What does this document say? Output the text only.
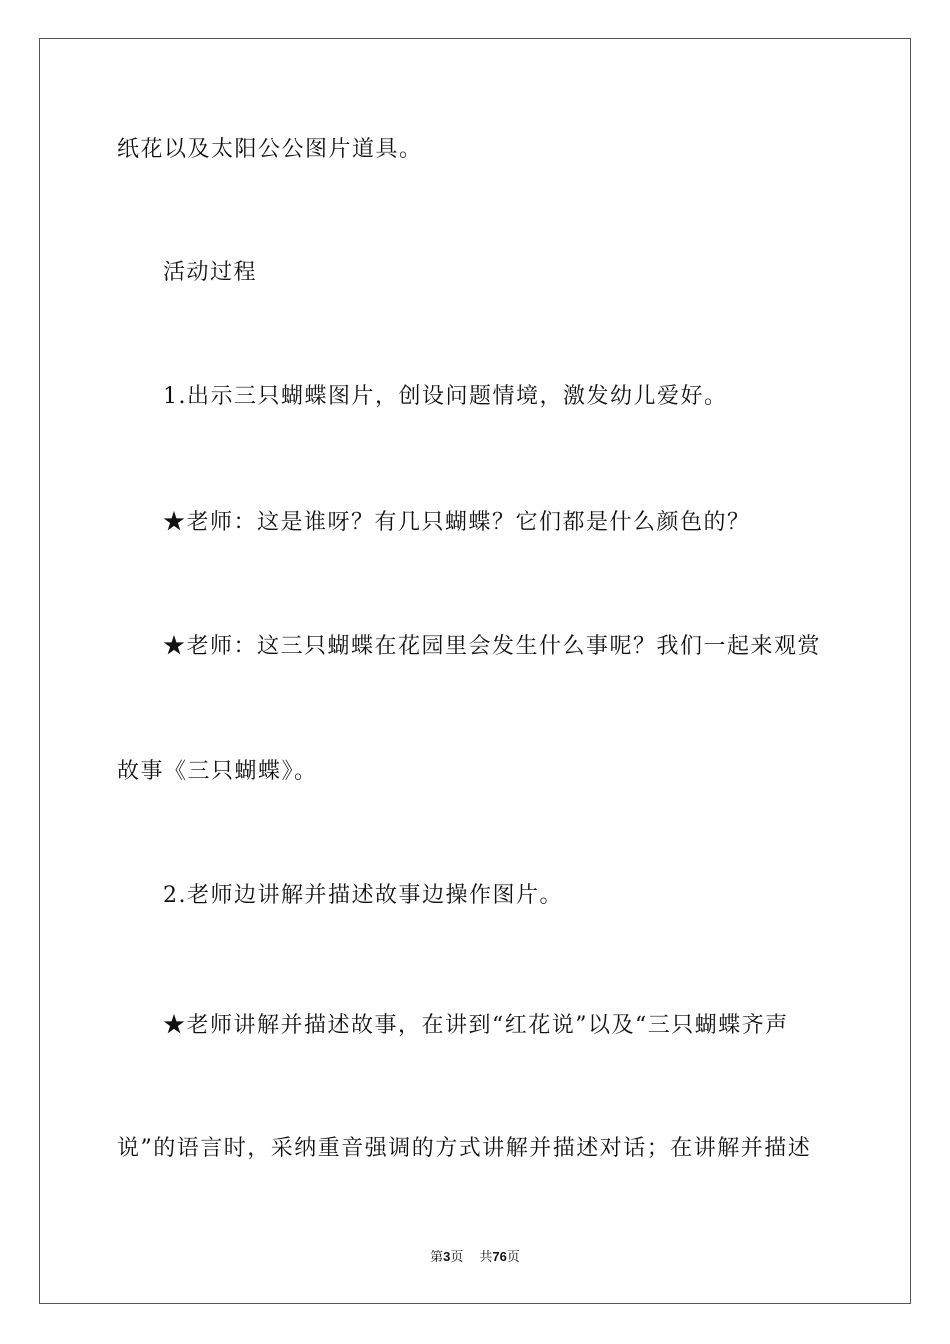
纸花以及太阳公公图片道具。
活动过程
1.出示三只蝴蝶图片，创设问题情境，激发幼儿爱好。
★老师：这是谁呀？有几只蝴蝶？它们都是什么颜色的？
★老师：这三只蝴蝶在花园里会发生什么事呢？我们一起来观赏
故事《三只蝴蝶》。
2.老师边讲解并描述故事边操作图片。
★老师讲解并描述故事，在讲到“红花说”以及“三只蝴蝶齐声
说”的语言时，采纳重音强调的方式讲解并描述对话；在讲解并描述
第3页 共76页
